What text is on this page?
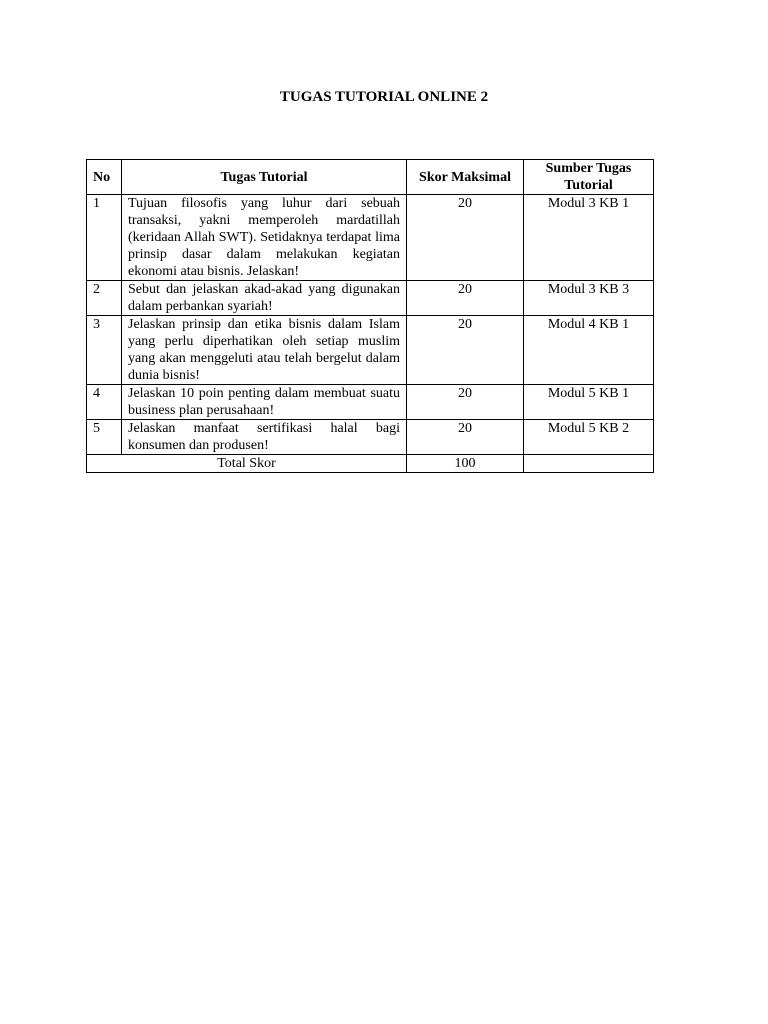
TUGAS TUTORIAL ONLINE 2
No	Tugas Tutorial	Skor Maksimal	Sumber Tugas Tutorial
1	Tujuan filosofis yang luhur dari sebuah transaksi, yakni memperoleh mardatillah (keridaan Allah SWT). Setidaknya terdapat lima prinsip dasar dalam melakukan kegiatan ekonomi atau bisnis. Jelaskan!	20	Modul 3 KB 1
2	Sebut dan jelaskan akad-akad yang digunakan dalam perbankan syariah!	20	Modul 3 KB 3
3	Jelaskan prinsip dan etika bisnis dalam Islam yang perlu diperhatikan oleh setiap muslim yang akan menggeluti atau telah bergelut dalam dunia bisnis!	20	Modul 4 KB 1
4	Jelaskan 10 poin penting dalam membuat suatu business plan perusahaan!	20	Modul 5 KB 1
5	Jelaskan manfaat sertifikasi halal bagi konsumen dan produsen!	20	Modul 5 KB 2
Total Skor		100	
